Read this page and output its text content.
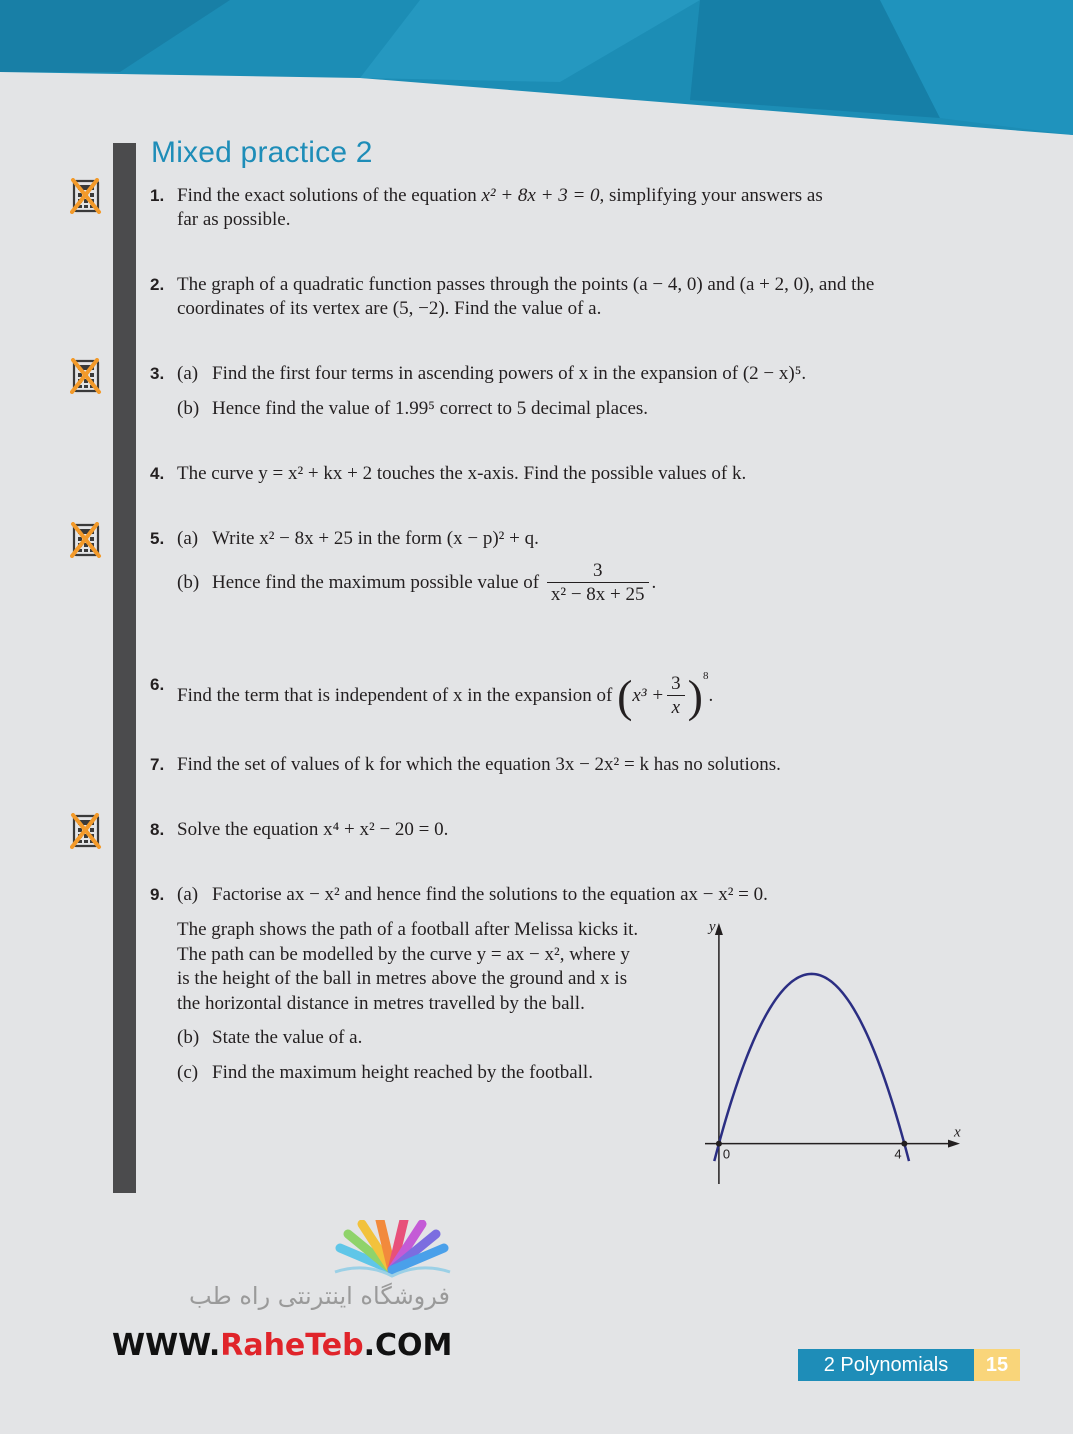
Mixed practice 2
1. Find the exact solutions of the equation x² + 8x + 3 = 0, simplifying your answers as
far as possible.
2. The graph of a quadratic function passes through the points (a − 4, 0) and (a + 2, 0), and the
coordinates of its vertex are (5, −2). Find the value of a.
3. (a) Find the first four terms in ascending powers of x in the expansion of (2 − x)⁵.
(b) Hence find the value of 1.99⁵ correct to 5 decimal places.
4. The curve y = x² + kx + 2 touches the x-axis. Find the possible values of k.
5. (a) Write x² − 8x + 25 in the form (x − p)² + q.
(b) Hence find the maximum possible value of $\frac{3}{\text{x² − 8x + 25}}$ .
6.
Find the term that is independent of x in the expansion of $(x^3 + \frac{3}{x} )^8$.
7. Find the set of values of k for which the equation 3x − 2x² = k has no solutions.
8. Solve the equation x⁴ + x² − 20 = 0.
9. (a) Factorise ax − x² and hence find the solutions to the equation ax − x² = 0.
The graph shows the path of a football after Melissa kicks it.
The path can be modelled by the curve y = ax − x², where y
is the height of the ball in metres above the ground and x is
the horizontal distance in metres travelled by the ball.
(b) State the value of a.
(c) Find the maximum height reached by the football.
x
y
0	4
فروشگاه اینترنتی راه طب
WWW.RaheTeb.COM
2 Polynomials	15
